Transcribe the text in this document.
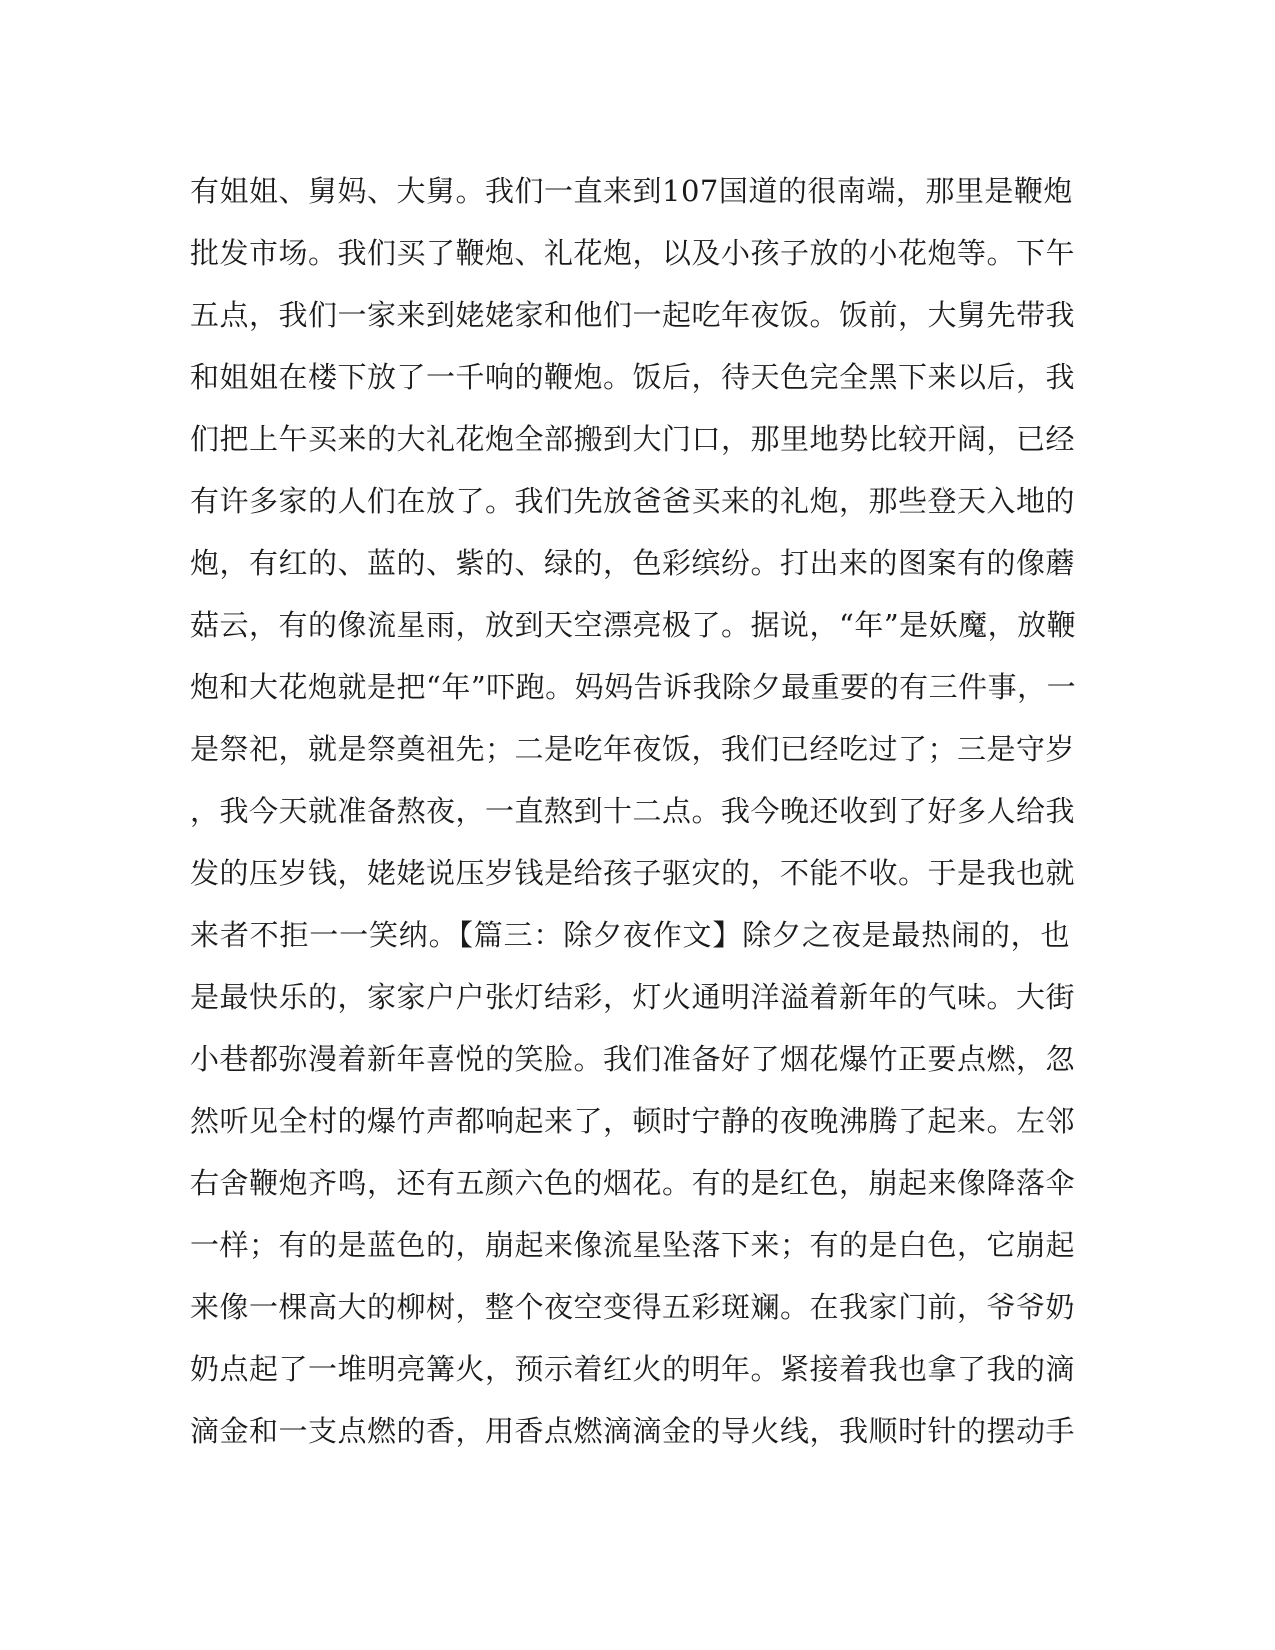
有姐姐、舅妈、大舅。我们一直来到107国道的很南端，那里是鞭炮
批发市场。我们买了鞭炮、礼花炮，以及小孩子放的小花炮等。下午
五点，我们一家来到姥姥家和他们一起吃年夜饭。饭前，大舅先带我
和姐姐在楼下放了一千响的鞭炮。饭后，待天色完全黑下来以后，我
们把上午买来的大礼花炮全部搬到大门口，那里地势比较开阔，已经
有许多家的人们在放了。我们先放爸爸买来的礼炮，那些登天入地的
炮，有红的、蓝的、紫的、绿的，色彩缤纷。打出来的图案有的像蘑
菇云，有的像流星雨，放到天空漂亮极了。据说，“年”是妖魔，放鞭
炮和大花炮就是把“年”吓跑。妈妈告诉我除夕最重要的有三件事，一
是祭祀，就是祭奠祖先；二是吃年夜饭，我们已经吃过了；三是守岁
，我今天就准备熬夜，一直熬到十二点。我今晚还收到了好多人给我
发的压岁钱，姥姥说压岁钱是给孩子驱灾的，不能不收。于是我也就
来者不拒一一笑纳。【篇三：除夕夜作文】除夕之夜是最热闹的，也
是最快乐的，家家户户张灯结彩，灯火通明洋溢着新年的气味。大街
小巷都弥漫着新年喜悦的笑脸。我们准备好了烟花爆竹正要点燃，忽
然听见全村的爆竹声都响起来了，顿时宁静的夜晚沸腾了起来。左邻
右舍鞭炮齐鸣，还有五颜六色的烟花。有的是红色，崩起来像降落伞
一样；有的是蓝色的，崩起来像流星坠落下来；有的是白色，它崩起
来像一棵高大的柳树，整个夜空变得五彩斑斓。在我家门前，爷爷奶
奶点起了一堆明亮篝火，预示着红火的明年。紧接着我也拿了我的滴
滴金和一支点燃的香，用香点燃滴滴金的导火线，我顺时针的摆动手
